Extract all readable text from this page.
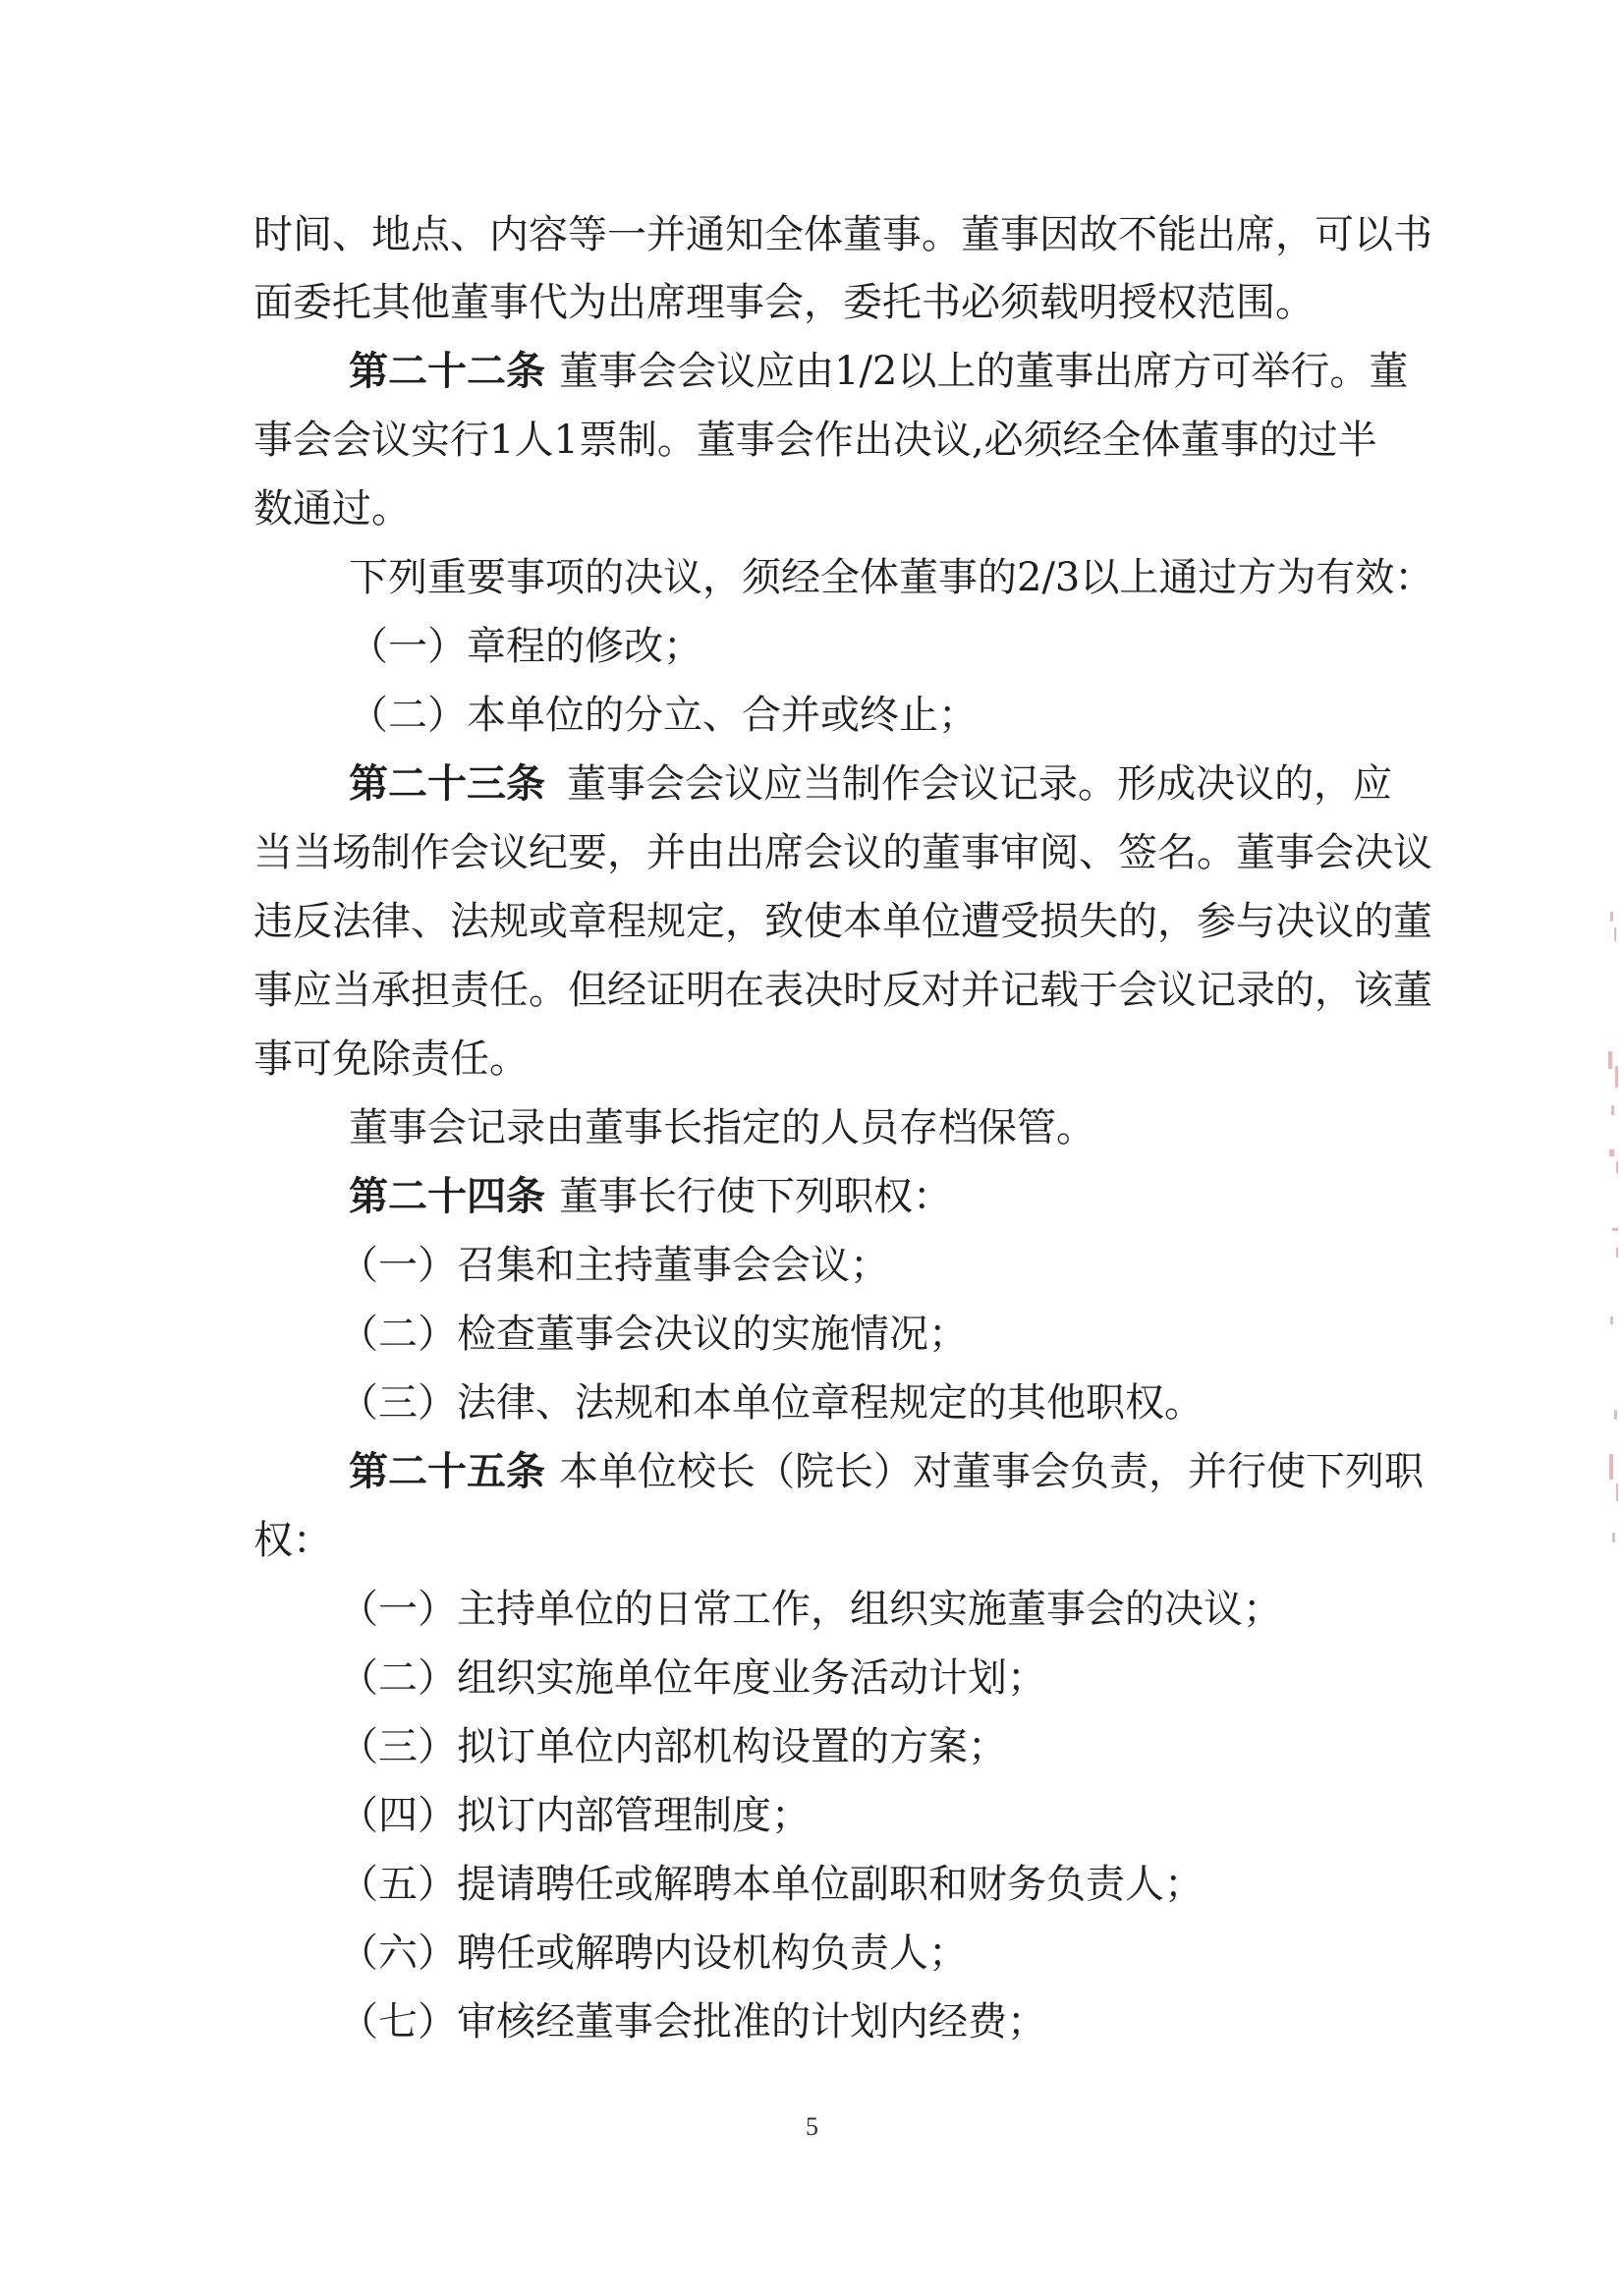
时间、地点、内容等一并通知全体董事。董事因故不能出席，可以书
面委托其他董事代为出席理事会，委托书必须载明授权范围。
第二十二条 董事会会议应由1/2以上的董事出席方可举行。董
事会会议实行1人1票制。董事会作出决议,必须经全体董事的过半
数通过。
下列重要事项的决议，须经全体董事的2/3以上通过方为有效：
（一）章程的修改；
（二）本单位的分立、合并或终止；
第二十三条 董事会会议应当制作会议记录。形成决议的，应
当当场制作会议纪要，并由出席会议的董事审阅、签名。董事会决议
违反法律、法规或章程规定，致使本单位遭受损失的，参与决议的董
事应当承担责任。但经证明在表决时反对并记载于会议记录的，该董
事可免除责任。
董事会记录由董事长指定的人员存档保管。
第二十四条 董事长行使下列职权：
（一）召集和主持董事会会议；
（二）检查董事会决议的实施情况；
（三）法律、法规和本单位章程规定的其他职权。
第二十五条 本单位校长（院长）对董事会负责，并行使下列职
权：
（一）主持单位的日常工作，组织实施董事会的决议；
（二）组织实施单位年度业务活动计划；
（三）拟订单位内部机构设置的方案；
（四）拟订内部管理制度；
（五）提请聘任或解聘本单位副职和财务负责人；
（六）聘任或解聘内设机构负责人；
（七）审核经董事会批准的计划内经费；
5
